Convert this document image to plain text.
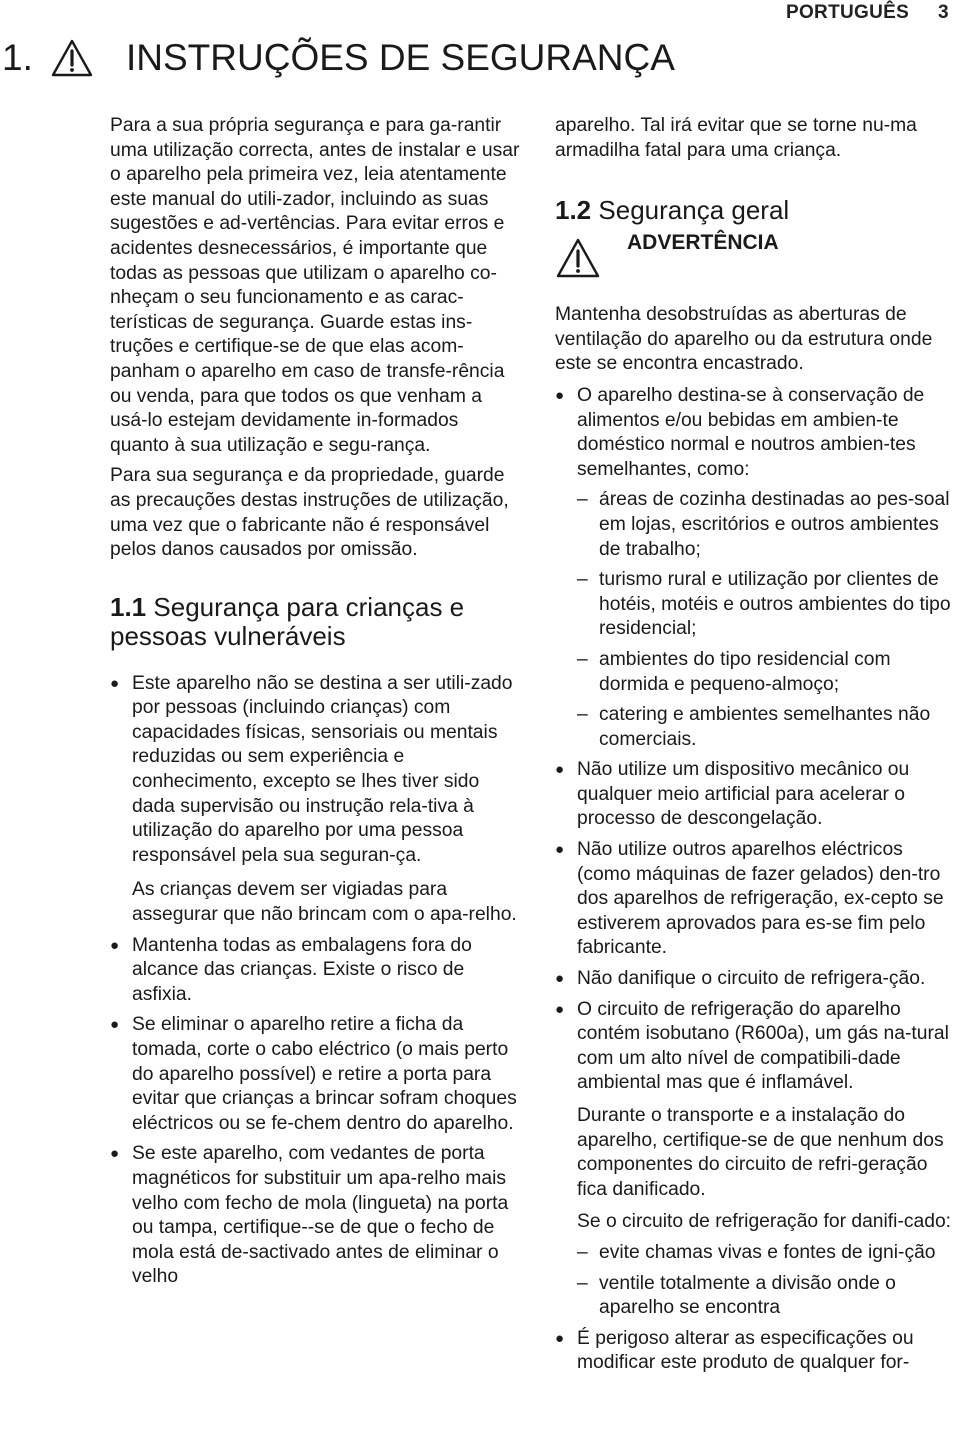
PORTUGUÊS 3
1.	INSTRUÇÕES DE SEGURANÇA

Para a sua própria segurança e para ga-rantir uma utilização correcta, antes de instalar e usar o aparelho pela primeira vez, leia atentamente este manual do utili-zador, incluindo as suas sugestões e ad-vertências. Para evitar erros e acidentes desnecessários, é importante que todas as pessoas que utilizam o aparelho co-nheçam o seu funcionamento e as carac-terísticas de segurança. Guarde estas ins-truções e certifique-se de que elas acom-panham o aparelho em caso de transfe-rência ou venda, para que todos os que venham a usá-lo estejam devidamente in-formados quanto à sua utilização e segu-rança.

Para sua segurança e da propriedade, guarde as precauções destas instruções de utilização, uma vez que o fabricante não é responsável pelos danos causados por omissão.

1.1 Segurança para crianças e pessoas vulneráveis

● Este aparelho não se destina a ser utili-zado por pessoas (incluindo crianças) com capacidades físicas, sensoriais ou mentais reduzidas ou sem experiência e conhecimento, excepto se lhes tiver sido dada supervisão ou instrução rela-tiva à utilização do aparelho por uma pessoa responsável pela sua seguran-ça.

As crianças devem ser vigiadas para assegurar que não brincam com o apa-relho.

● Mantenha todas as embalagens fora do alcance das crianças. Existe o risco de asfixia.

● Se eliminar o aparelho retire a ficha da tomada, corte o cabo eléctrico (o mais perto do aparelho possível) e retire a porta para evitar que crianças a brincar sofram choques eléctricos ou se fe-chem dentro do aparelho.

● Se este aparelho, com vedantes de porta magnéticos for substituir um apa-relho mais velho com fecho de mola (lingueta) na porta ou tampa, certifique--se de que o fecho de mola está de-sactivado antes de eliminar o velho

aparelho. Tal irá evitar que se torne nu-ma armadilha fatal para uma criança.

1.2 Segurança geral
ADVERTÊNCIA

Mantenha desobstruídas as aberturas de ventilação do aparelho ou da estrutura onde este se encontra encastrado.

● O aparelho destina-se à conservação de alimentos e/ou bebidas em ambien-te doméstico normal e noutros ambien-tes semelhantes, como:

– áreas de cozinha destinadas ao pes-soal em lojas, escritórios e outros ambientes de trabalho;
– turismo rural e utilização por clientes de hotéis, motéis e outros ambientes do tipo residencial;
– ambientes do tipo residencial com dormida e pequeno-almoço;
– catering e ambientes semelhantes não comerciais.

● Não utilize um dispositivo mecânico ou qualquer meio artificial para acelerar o processo de descongelação.

● Não utilize outros aparelhos eléctricos (como máquinas de fazer gelados) den-tro dos aparelhos de refrigeração, ex-cepto se estiverem aprovados para es-se fim pelo fabricante.

● Não danifique o circuito de refrigera-ção.

● O circuito de refrigeração do aparelho contém isobutano (R600a), um gás na-tural com um alto nível de compatibili-dade ambiental mas que é inflamável.

Durante o transporte e a instalação do aparelho, certifique-se de que nenhum dos componentes do circuito de refri-geração fica danificado.

Se o circuito de refrigeração for danifi-cado:

– evite chamas vivas e fontes de igni-ção
– ventile totalmente a divisão onde o aparelho se encontra

● É perigoso alterar as especificações ou modificar este produto de qualquer for-
